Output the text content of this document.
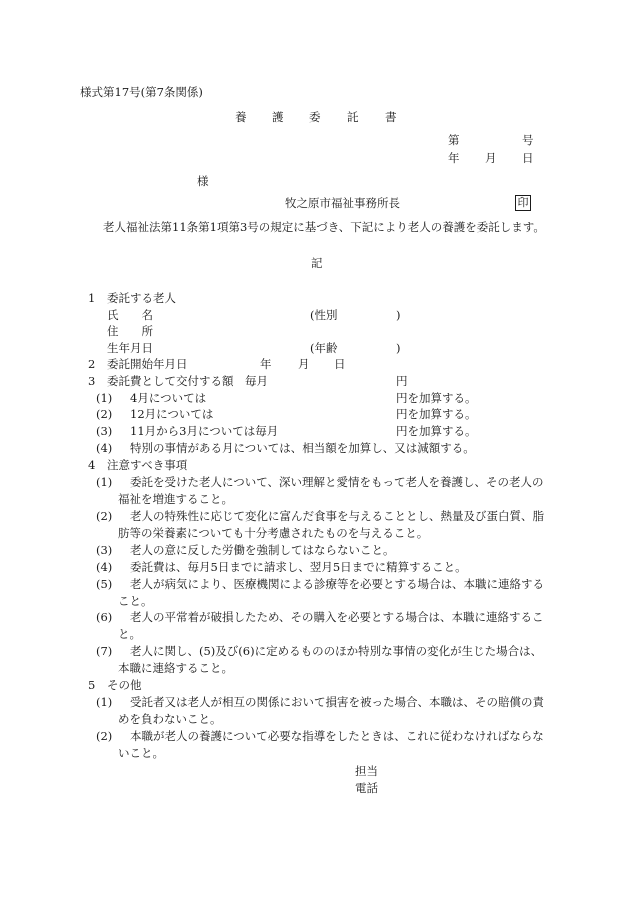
様式第17号(第7条関係)
養 護 委 託 書
第	号
年 月 日
様
牧之原市福祉事務所長	印
老人福祉法第11条第1項第3号の規定に基づき、下記により老人の養護を委託します。
記
1 委託する老人
氏　　名	(性別	)
住　　所
生年月日	(年齢	)
2 委託開始年月日	年 月 日
3 委託費として交付する額　毎月	円
(1) 4月については	円を加算する。
(2) 12月については	円を加算する。
(3) 11月から3月については毎月	円を加算する。
(4) 特別の事情がある月については、相当額を加算し、又は減額する。
4 注意すべき事項
(1) 委託を受けた老人について、深い理解と愛情をもって老人を養護し、その老人の
福祉を増進すること。
(2) 老人の特殊性に応じて変化に富んだ食事を与えることとし、熱量及び蛋白質、脂
肪等の栄養素についても十分考慮されたものを与えること。
(3) 老人の意に反した労働を強制してはならないこと。
(4) 委託費は、毎月5日までに請求し、翌月5日までに精算すること。
(5) 老人が病気により、医療機関による診療等を必要とする場合は、本職に連絡する
こと。
(6) 老人の平常着が破損したため、その購入を必要とする場合は、本職に連絡するこ
と。
(7) 老人に関し、(5)及び(6)に定めるもののほか特別な事情の変化が生じた場合は、
本職に連絡すること。
5 その他
(1) 受託者又は老人が相互の関係において損害を被った場合、本職は、その賠償の責
めを負わないこと。
(2) 本職が老人の養護について必要な指導をしたときは、これに従わなければならな
いこと。
担当
電話
